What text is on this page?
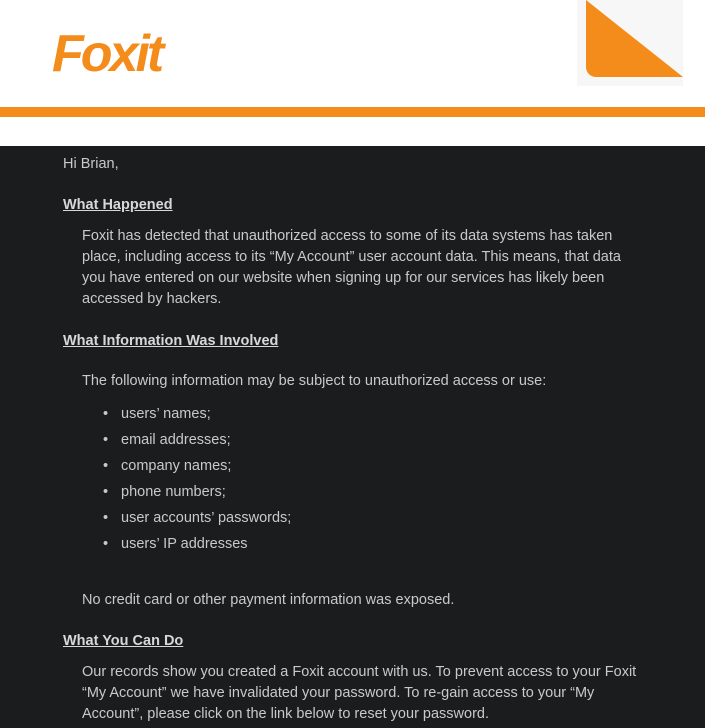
Foxit
Hi Brian,
What Happened
Foxit has detected that unauthorized access to some of its data systems has taken place, including access to its “My Account” user account data. This means, that data you have entered on our website when signing up for our services has likely been accessed by hackers.
What Information Was Involved
The following information may be subject to unauthorized access or use:
• users’ names;
• email addresses;
• company names;
• phone numbers;
• user accounts’ passwords;
• users’ IP addresses
No credit card or other payment information was exposed.
What You Can Do
Our records show you created a Foxit account with us. To prevent access to your Foxit “My Account” we have invalidated your password. To re-gain access to your “My Account”, please click on the link below to reset your password.
